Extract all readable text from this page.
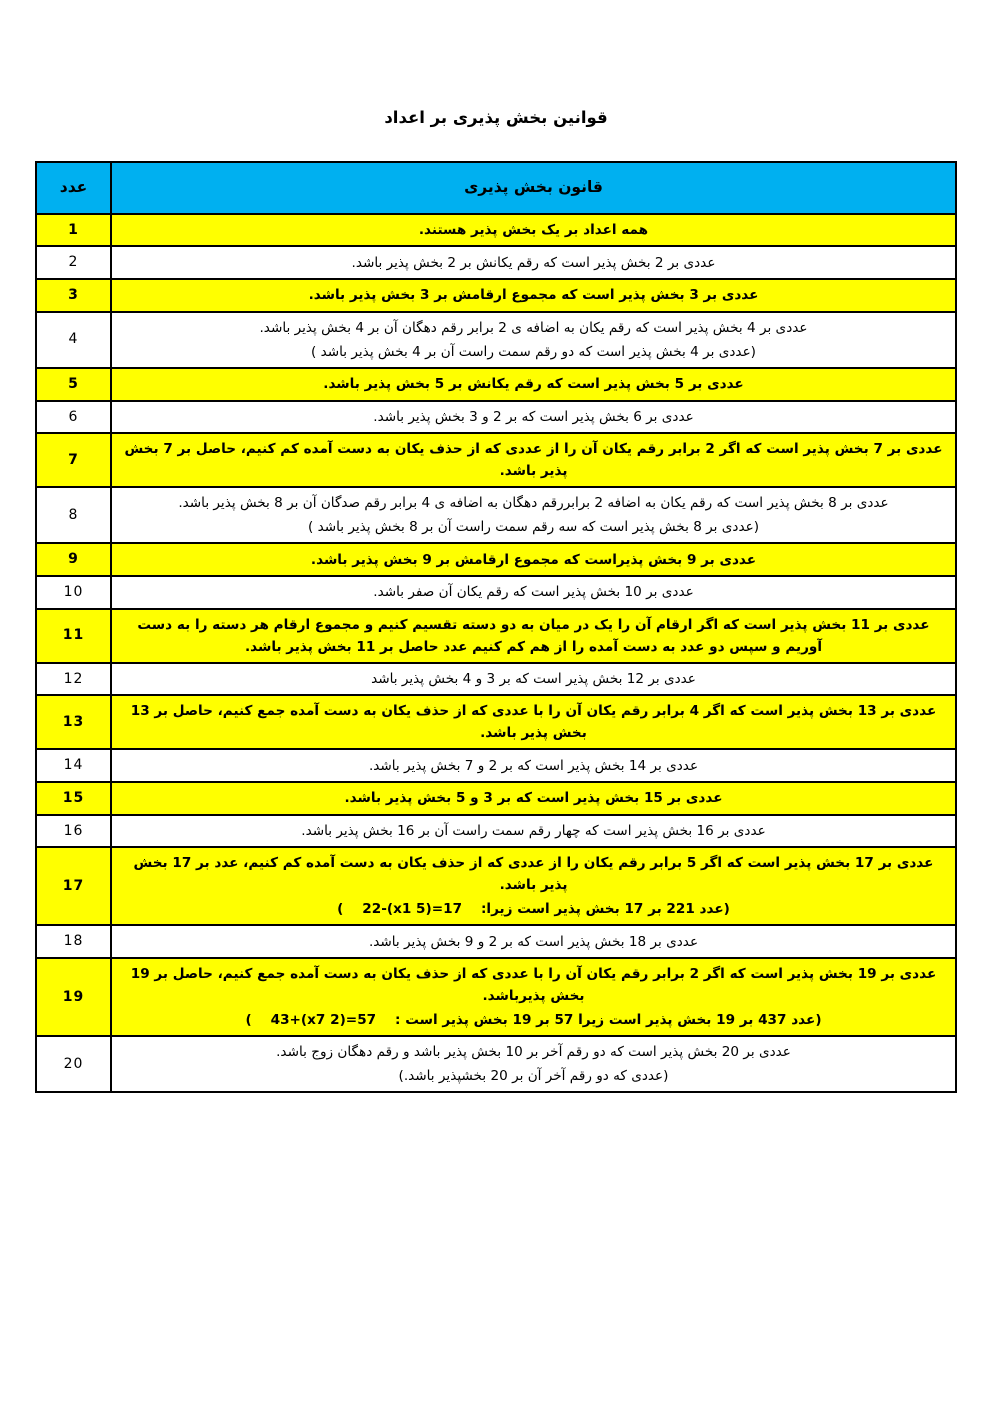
قوانین بخش پذیری بر اعداد
قانون بخش پذیری	عدد

همه اعداد بر یک بخش پذیر هستند.	1

عددی بر 2 بخش پذیر است که رقم یکانش بر 2 بخش پذیر باشد.	2

عددی بر 3 بخش پذیر است که مجموع ارقامش بر 3 بخش پذیر باشد.	3

عددی بر 4 بخش پذیر است که رقم یکان به اضافه ی 2 برابر رقم دهگان آن بر 4 بخش پذیر باشد.
(عددی بر 4 بخش پذیر است که دو رقم سمت راست آن بر 4 بخش پذیر باشد )	4

عددی بر 5 بخش پذیر است که رقم یکانش بر 5 بخش پذیر باشد.	5

عددی بر 6 بخش پذیر است که بر 2 و 3 بخش پذیر باشد.	6

عددی بر 7 بخش پذیر است که اگر 2 برابر رقم یکان آن را از عددی که از حذف یکان به دست آمده کم کنیم، حاصل بر 7 بخش پذیر باشد.	7

عددی بر 8 بخش پذیر است که رقم یکان به اضافه 2 برابررقم دهگان به اضافه ی 4 برابر رقم صدگان آن بر 8 بخش پذیر باشد.
(عددی بر 8 بخش پذیر است که سه رقم سمت راست آن بر 8 بخش پذیر باشد )	8

عددی بر 9 بخش پذیراست که مجموع ارقامش بر 9 بخش پذیر باشد.	9

عددی بر 10 بخش پذیر است که رقم یکان آن صفر باشد.	10

عددی بر 11 بخش پذیر است که اگر ارقام آن را یک در میان به دو دسته تقسیم کنیم و مجموع ارقام هر دسته را به دست آوریم و سپس دو عدد به دست آمده را از هم کم کنیم عدد حاصل بر 11 بخش پذیر باشد.	11

عددی بر 12 بخش پذیر است که بر 3 و 4 بخش پذیر باشد	12

عددی بر 13 بخش پذیر است که اگر 4 برابر رقم یکان آن را با عددی که از حذف یکان به دست آمده جمع کنیم، حاصل بر 13 بخش پذیر باشد.	13

عددی بر 14 بخش پذیر است که بر 2 و 7 بخش پذیر باشد.	14

عددی بر 15 بخش پذیر است که بر 3 و 5 بخش پذیر باشد.	15

عددی بر 16 بخش پذیر است که چهار رقم سمت راست آن بر 16 بخش پذیر باشد.	16

عددی بر 17 بخش پذیر است که اگر 5 برابر رقم یکان را از عددی که از حذف یکان به دست آمده کم کنیم، عدد بر 17 بخش پذیر باشد.
(عدد 221 بر 17 بخش پذیر است زیرا:    17=(5 x1)-22    )	17

عددی بر 18 بخش پذیر است که بر 2 و 9 بخش پذیر باشد.	18

عددی بر 19 بخش پذیر است که اگر 2 برابر رقم یکان آن را با عددی که از حذف یکان به دست آمده جمع کنیم، حاصل بر 19 بخش پذیرباشد.
(عدد 437 بر 19 بخش پذیر است زیرا 57 بر 19 بخش پذیر است :    57=(2 x7)+43    )	19

عددی بر 20 بخش پذیر است که دو رقم آخر بر 10 بخش پذیر باشد و رقم دهگان زوج باشد.
(عددی که دو رقم آخر آن بر 20 بخشپذیر باشد.)	20
